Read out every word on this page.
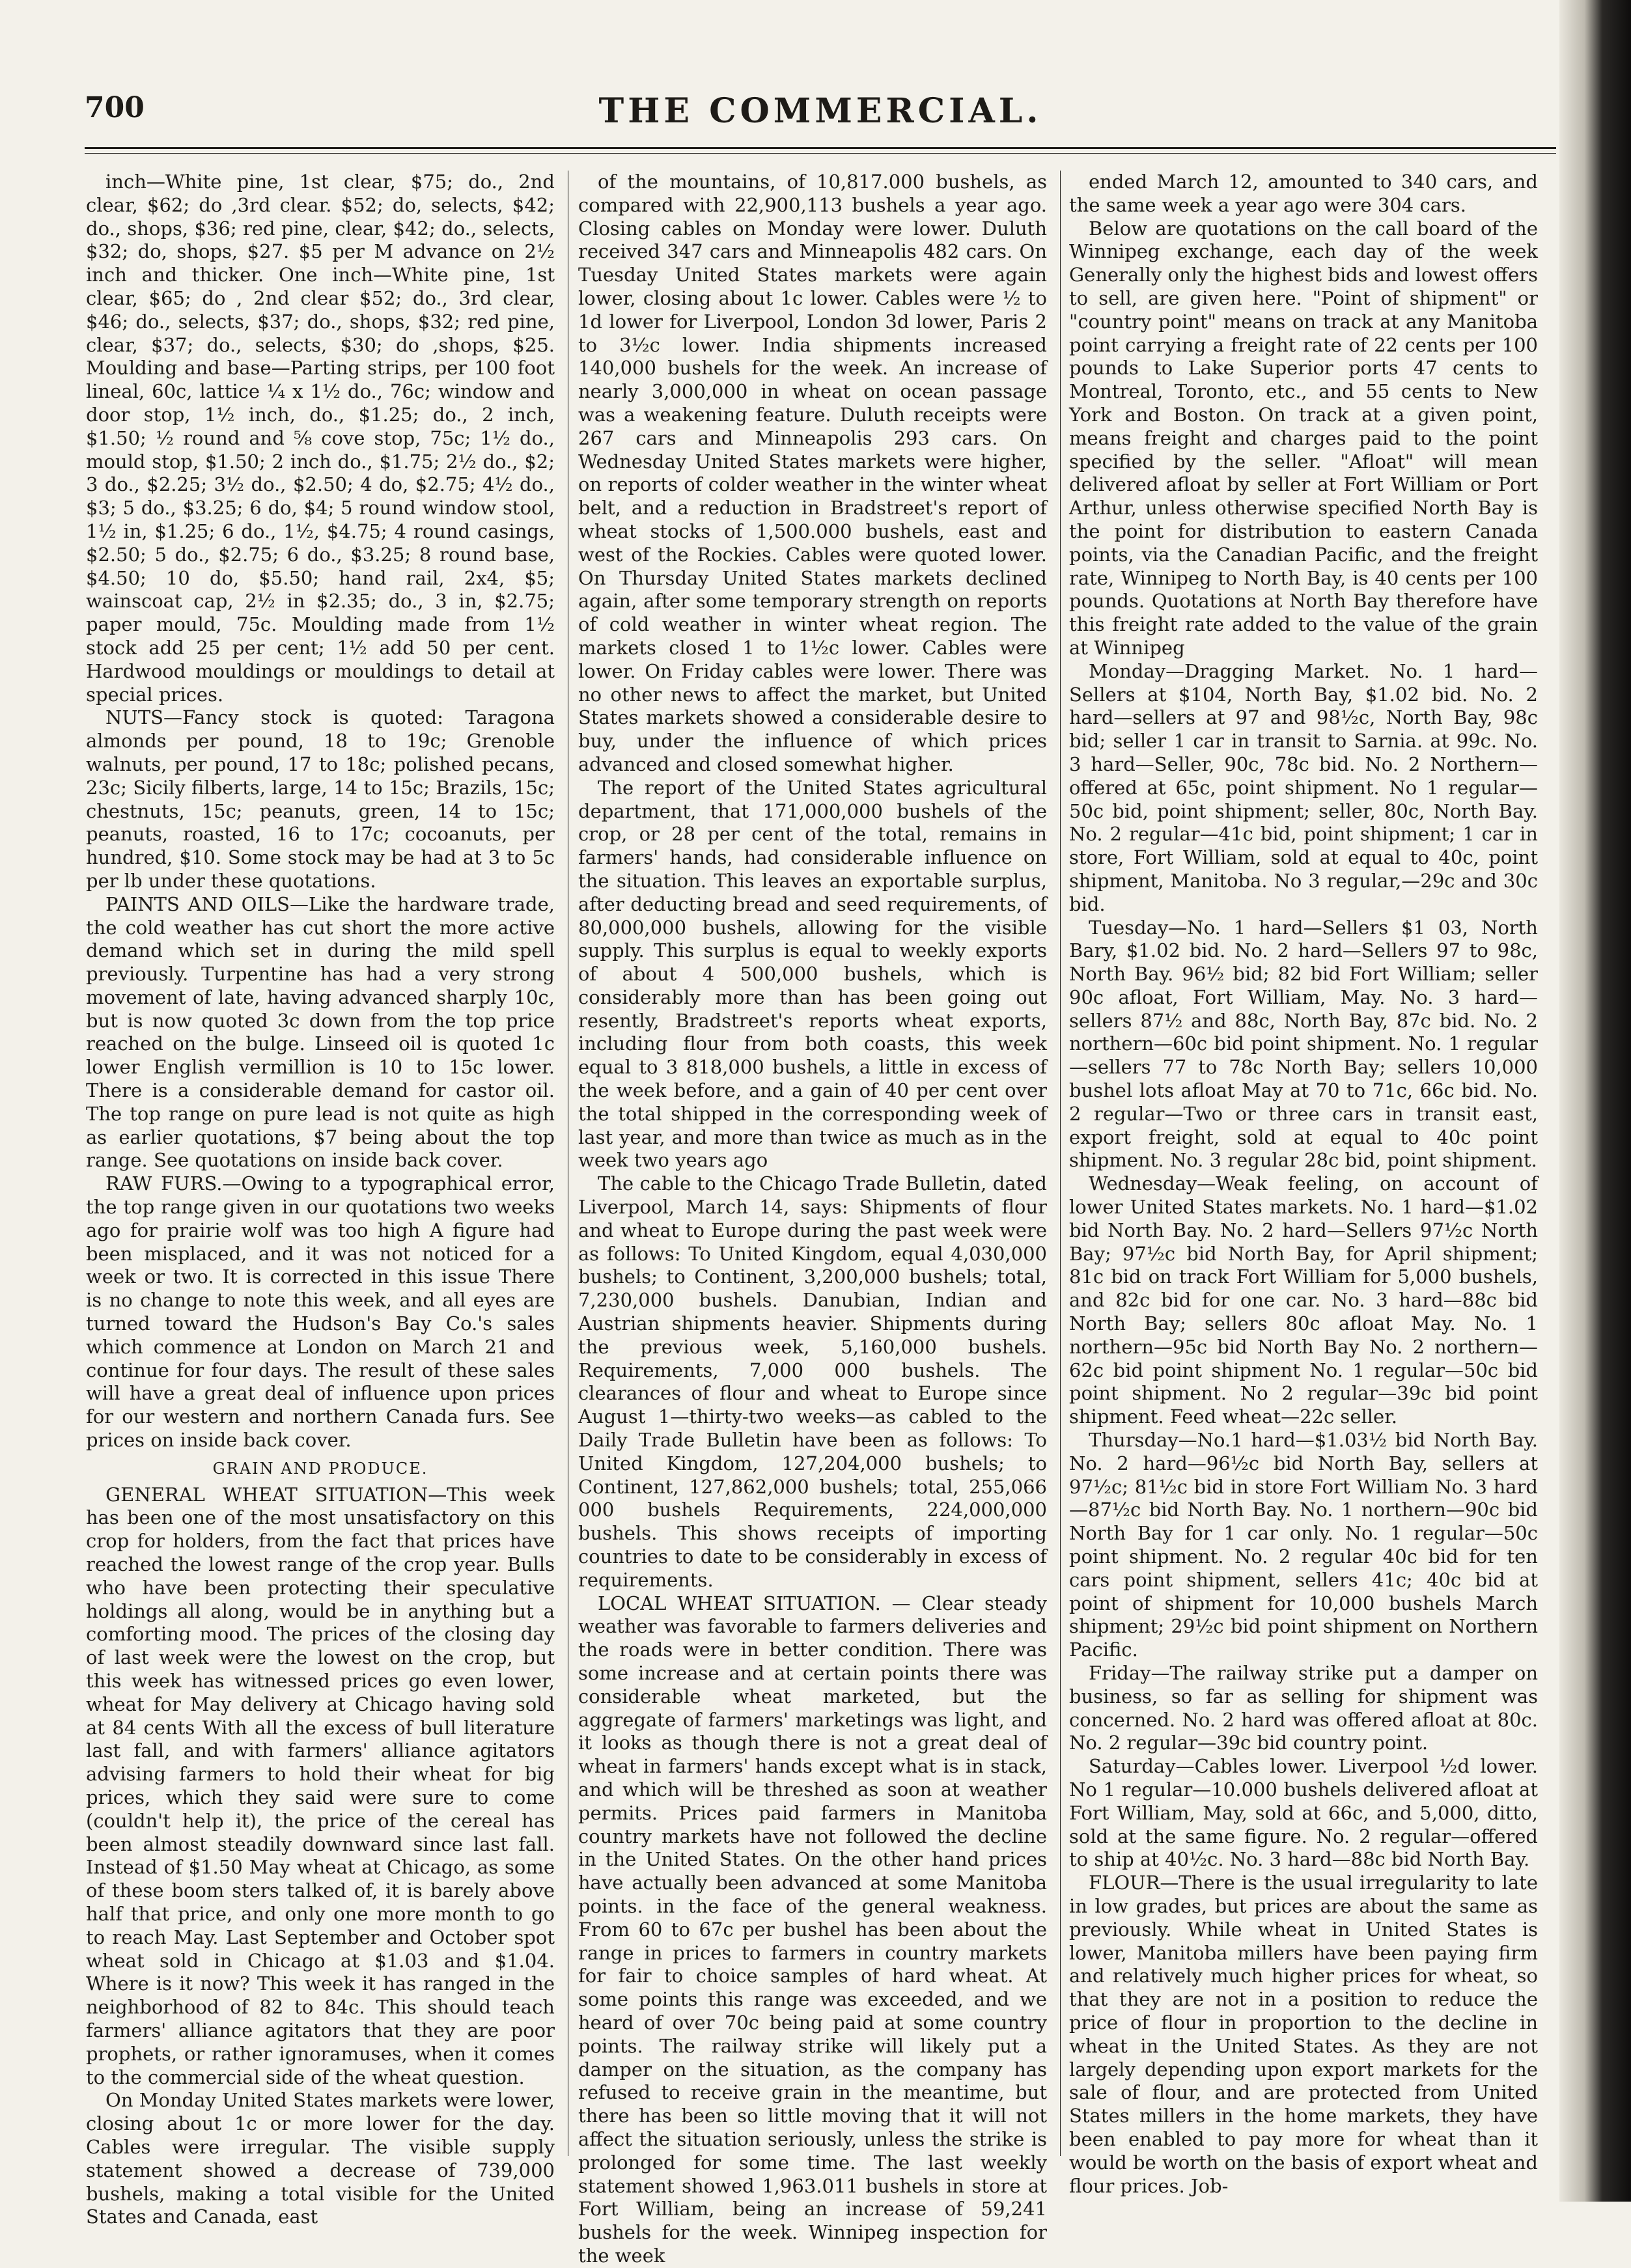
700	THE COMMERCIAL.

inch—White pine, 1st clear, $75; do., 2nd clear, $62; do ,3rd clear. $52; do, selects, $42; do., shops, $36; red pine, clear, $42; do., selects, $32; do, shops, $27. $5 per M advance on 2½ inch and thicker. One inch—White pine, 1st clear, $65; do , 2nd clear $52; do., 3rd clear, $46; do., selects, $37; do., shops, $32; red pine, clear, $37; do., selects, $30; do ,shops, $25. Moulding and base—Parting strips, per 100 foot lineal, 60c, lattice ¼ x 1½ do., 76c; window and door stop, 1½ inch, do., $1.25; do., 2 inch, $1.50; ½ round and ⅝ cove stop, 75c; 1½ do., mould stop, $1.50; 2 inch do., $1.75; 2½ do., $2; 3 do., $2.25; 3½ do., $2.50; 4 do, $2.75; 4½ do., $3; 5 do., $3.25; 6 do, $4; 5 round window stool, 1½ in, $1.25; 6 do., 1½, $4.75; 4 round casings, $2.50; 5 do., $2.75; 6 do., $3.25; 8 round base, $4.50; 10 do, $5.50; hand rail, 2x4, $5; wainscoat cap, 2½ in $2.35; do., 3 in, $2.75; paper mould, 75c. Moulding made from 1½ stock add 25 per cent; 1½ add 50 per cent. Hardwood mouldings or mouldings to detail at special prices.

NUTS—Fancy stock is quoted: Taragona almonds per pound, 18 to 19c; Grenoble walnuts, per pound, 17 to 18c; polished pecans, 23c; Sicily filberts, large, 14 to 15c; Brazils, 15c; chestnuts, 15c; peanuts, green, 14 to 15c; peanuts, roasted, 16 to 17c; cocoanuts, per hundred, $10. Some stock may be had at 3 to 5c per lb under these quotations.

PAINTS AND OILS—Like the hardware trade, the cold weather has cut short the more active demand which set in during the mild spell previously. Turpentine has had a very strong movement of late, having advanced sharply 10c, but is now quoted 3c down from the top price reached on the bulge. Linseed oil is quoted 1c lower English vermillion is 10 to 15c lower. There is a considerable demand for castor oil. The top range on pure lead is not quite as high as earlier quotations, $7 being about the top range. See quotations on inside back cover.

RAW FURS.—Owing to a typographical error, the top range given in our quotations two weeks ago for prairie wolf was too high A figure had been misplaced, and it was not noticed for a week or two. It is corrected in this issue There is no change to note this week, and all eyes are turned toward the Hudson's Bay Co.'s sales which commence at London on March 21 and continue for four days. The result of these sales will have a great deal of influence upon prices for our western and northern Canada furs. See prices on inside back cover.

GRAIN AND PRODUCE.

GENERAL WHEAT SITUATION—This week has been one of the most unsatisfactory on this crop for holders, from the fact that prices have reached the lowest range of the crop year. Bulls who have been protecting their speculative holdings all along, would be in anything but a comforting mood. The prices of the closing day of last week were the lowest on the crop, but this week has witnessed prices go even lower, wheat for May delivery at Chicago having sold at 84 cents With all the excess of bull literature last fall, and with farmers' alliance agitators advising farmers to hold their wheat for big prices, which they said were sure to come (couldn't help it), the price of the cereal has been almost steadily downward since last fall. Instead of $1.50 May wheat at Chicago, as some of these boom sters talked of, it is barely above half that price, and only one more month to go to reach May. Last September and October spot wheat sold in Chicago at $1.03 and $1.04. Where is it now? This week it has ranged in the neighborhood of 82 to 84c. This should teach farmers' alliance agitators that they are poor prophets, or rather ignoramuses, when it comes to the commercial side of the wheat question.

On Monday United States markets were lower, closing about 1c or more lower for the day. Cables were irregular. The visible supply statement showed a decrease of 739,000 bushels, making a total visible for the United States and Canada, east

of the mountains, of 10,817.000 bushels, as compared with 22,900,113 bushels a year ago. Closing cables on Monday were lower. Duluth received 347 cars and Minneapolis 482 cars. On Tuesday United States markets were again lower, closing about 1c lower. Cables were ½ to 1d lower for Liverpool, London 3d lower, Paris 2 to 3½c lower. India shipments increased 140,000 bushels for the week. An increase of nearly 3,000,000 in wheat on ocean passage was a weakening feature. Duluth receipts were 267 cars and Minneapolis 293 cars. On Wednesday United States markets were higher, on reports of colder weather in the winter wheat belt, and a reduction in Bradstreet's report of wheat stocks of 1,500.000 bushels, east and west of the Rockies. Cables were quoted lower. On Thursday United States markets declined again, after some temporary strength on reports of cold weather in winter wheat region. The markets closed 1 to 1½c lower. Cables were lower. On Friday cables were lower. There was no other news to affect the market, but United States markets showed a considerable desire to buy, under the influence of which prices advanced and closed somewhat higher.

The report of the United States agricultural department, that 171,000,000 bushels of the crop, or 28 per cent of the total, remains in farmers' hands, had considerable influence on the situation. This leaves an exportable surplus, after deducting bread and seed requirements, of 80,000,000 bushels, allowing for the visible supply. This surplus is equal to weekly exports of about 4 500,000 bushels, which is considerably more than has been going out resently, Bradstreet's reports wheat exports, including flour from both coasts, this week equal to 3 818,000 bushels, a little in excess of the week before, and a gain of 40 per cent over the total shipped in the corresponding week of last year, and more than twice as much as in the week two years ago

The cable to the Chicago Trade Bulletin, dated Liverpool, March 14, says: Shipments of flour and wheat to Europe during the past week were as follows: To United Kingdom, equal 4,030,000 bushels; to Continent, 3,200,000 bushels; total, 7,230,000 bushels. Danubian, Indian and Austrian shipments heavier. Shipments during the previous week, 5,160,000 bushels. Requirements, 7,000 000 bushels. The clearances of flour and wheat to Europe since August 1—thirty-two weeks—as cabled to the Daily Trade Bulletin have been as follows: To United Kingdom, 127,204,000 bushels; to Continent, 127,862,000 bushels; total, 255,066 000 bushels Requirements, 224,000,000 bushels. This shows receipts of importing countries to date to be considerably in excess of requirements.

LOCAL WHEAT SITUATION. — Clear steady weather was favorable to farmers deliveries and the roads were in better condition. There was some increase and at certain points there was considerable wheat marketed, but the aggregate of farmers' marketings was light, and it looks as though there is not a great deal of wheat in farmers' hands except what is in stack, and which will be threshed as soon at weather permits. Prices paid farmers in Manitoba country markets have not followed the decline in the United States. On the other hand prices have actually been advanced at some Manitoba points. in the face of the general weakness. From 60 to 67c per bushel has been about the range in prices to farmers in country markets for fair to choice samples of hard wheat. At some points this range was exceeded, and we heard of over 70c being paid at some country points. The railway strike will likely put a damper on the situation, as the company has refused to receive grain in the meantime, but there has been so little moving that it will not affect the situation seriously, unless the strike is prolonged for some time. The last weekly statement showed 1,963.011 bushels in store at Fort William, being an increase of 59,241 bushels for the week. Winnipeg inspection for the week

ended March 12, amounted to 340 cars, and the same week a year ago were 304 cars.

Below are quotations on the call board of the Winnipeg exchange, each day of the week Generally only the highest bids and lowest offers to sell, are given here. "Point of shipment" or "country point" means on track at any Manitoba point carrying a freight rate of 22 cents per 100 pounds to Lake Superior ports 47 cents to Montreal, Toronto, etc., and 55 cents to New York and Boston. On track at a given point, means freight and charges paid to the point specified by the seller. "Afloat" will mean delivered afloat by seller at Fort William or Port Arthur, unless otherwise specified North Bay is the point for distribution to eastern Canada points, via the Canadian Pacific, and the freight rate, Winnipeg to North Bay, is 40 cents per 100 pounds. Quotations at North Bay therefore have this freight rate added to the value of the grain at Winnipeg

Monday—Dragging Market. No. 1 hard—Sellers at $104, North Bay, $1.02 bid. No. 2 hard—sellers at 97 and 98½c, North Bay, 98c bid; seller 1 car in transit to Sarnia. at 99c. No. 3 hard—Seller, 90c, 78c bid. No. 2 Northern—offered at 65c, point shipment. No 1 regular—50c bid, point shipment; seller, 80c, North Bay. No. 2 regular—41c bid, point shipment; 1 car in store, Fort William, sold at equal to 40c, point shipment, Manitoba. No 3 regular,—29c and 30c bid.

Tuesday—No. 1 hard—Sellers $1 03, North Bary, $1.02 bid. No. 2 hard—Sellers 97 to 98c, North Bay. 96½ bid; 82 bid Fort William; seller 90c afloat, Fort William, May. No. 3 hard—sellers 87½ and 88c, North Bay, 87c bid. No. 2 northern—60c bid point shipment. No. 1 regular—sellers 77 to 78c North Bay; sellers 10,000 bushel lots afloat May at 70 to 71c, 66c bid. No. 2 regular—Two or three cars in transit east, export freight, sold at equal to 40c point shipment. No. 3 regular 28c bid, point shipment.

Wednesday—Weak feeling, on account of lower United States markets. No. 1 hard—$1.02 bid North Bay. No. 2 hard—Sellers 97½c North Bay; 97½c bid North Bay, for April shipment; 81c bid on track Fort William for 5,000 bushels, and 82c bid for one car. No. 3 hard—88c bid North Bay; sellers 80c afloat May. No. 1 northern—95c bid North Bay No. 2 northern—62c bid point shipment No. 1 regular—50c bid point shipment. No 2 regular—39c bid point shipment. Feed wheat—22c seller.

Thursday—No.1 hard—$1.03½ bid North Bay. No. 2 hard—96½c bid North Bay, sellers at 97½c; 81½c bid in store Fort William No. 3 hard—87½c bid North Bay. No. 1 northern—90c bid North Bay for 1 car only. No. 1 regular—50c point shipment. No. 2 regular 40c bid for ten cars point shipment, sellers 41c; 40c bid at point of shipment for 10,000 bushels March shipment; 29½c bid point shipment on Northern Pacific.

Friday—The railway strike put a damper on business, so far as selling for shipment was concerned. No. 2 hard was offered afloat at 80c. No. 2 regular—39c bid country point.

Saturday—Cables lower. Liverpool ½d lower. No 1 regular—10.000 bushels delivered afloat at Fort William, May, sold at 66c, and 5,000, ditto, sold at the same figure. No. 2 regular—offered to ship at 40½c. No. 3 hard—88c bid North Bay.

FLOUR—There is the usual irregularity to late in low grades, but prices are about the same as previously. While wheat in United States is lower, Manitoba millers have been paying firm and relatively much higher prices for wheat, so that they are not in a position to reduce the price of flour in proportion to the decline in wheat in the United States. As they are not largely depending upon export markets for the sale of flour, and are protected from United States millers in the home markets, they have been enabled to pay more for wheat than it would be worth on the basis of export wheat and flour prices. Job-
